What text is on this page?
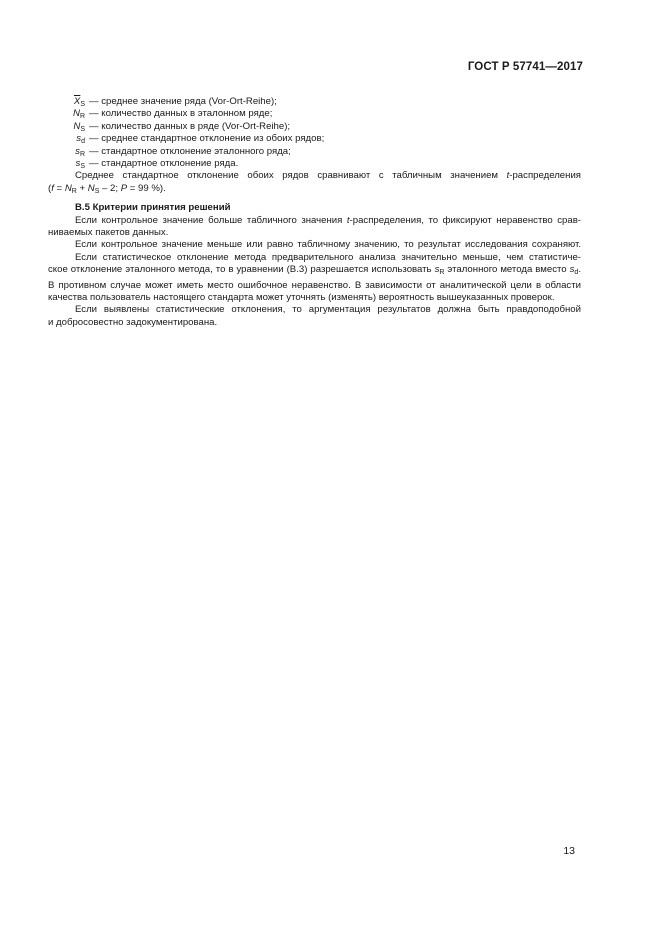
ГОСТ Р 57741—2017
$\overline{X}_S$ — среднее значение ряда (Vor-Ort-Reihe);
$N_R$ — количество данных в эталонном ряде;
$N_S$ — количество данных в ряде (Vor-Ort-Reihe);
$s_d$ — среднее стандартное отклонение из обоих рядов;
$s_R$ — стандартное отклонение эталонного ряда;
$s_S$ — стандартное отклонение ряда.

Среднее стандартное отклонение обоих рядов сравнивают с табличным значением t-распределения
($f = N_R + N_S - 2$; P = 99 %).

В.5 Критерии принятия решений

Если контрольное значение больше табличного значения t-распределения, то фиксируют неравенство срав-
ниваемых пакетов данных.

Если контрольное значение меньше или равно табличному значению, то результат исследования сохраняют.

Если статистическое отклонение метода предварительного анализа значительно меньше, чем статистиче-
ское отклонение эталонного метода, то в уравнении (В.3) разрешается использовать $s_R$ эталонного метода вместо $s_d$.
В противном случае может иметь место ошибочное неравенство. В зависимости от аналитической цели в области
качества пользователь настоящего стандарта может уточнять (изменять) вероятность вышеуказанных проверок.

Если выявлены статистические отклонения, то аргументация результатов должна быть правдоподобной
и добросовестно задокументирована.

13
